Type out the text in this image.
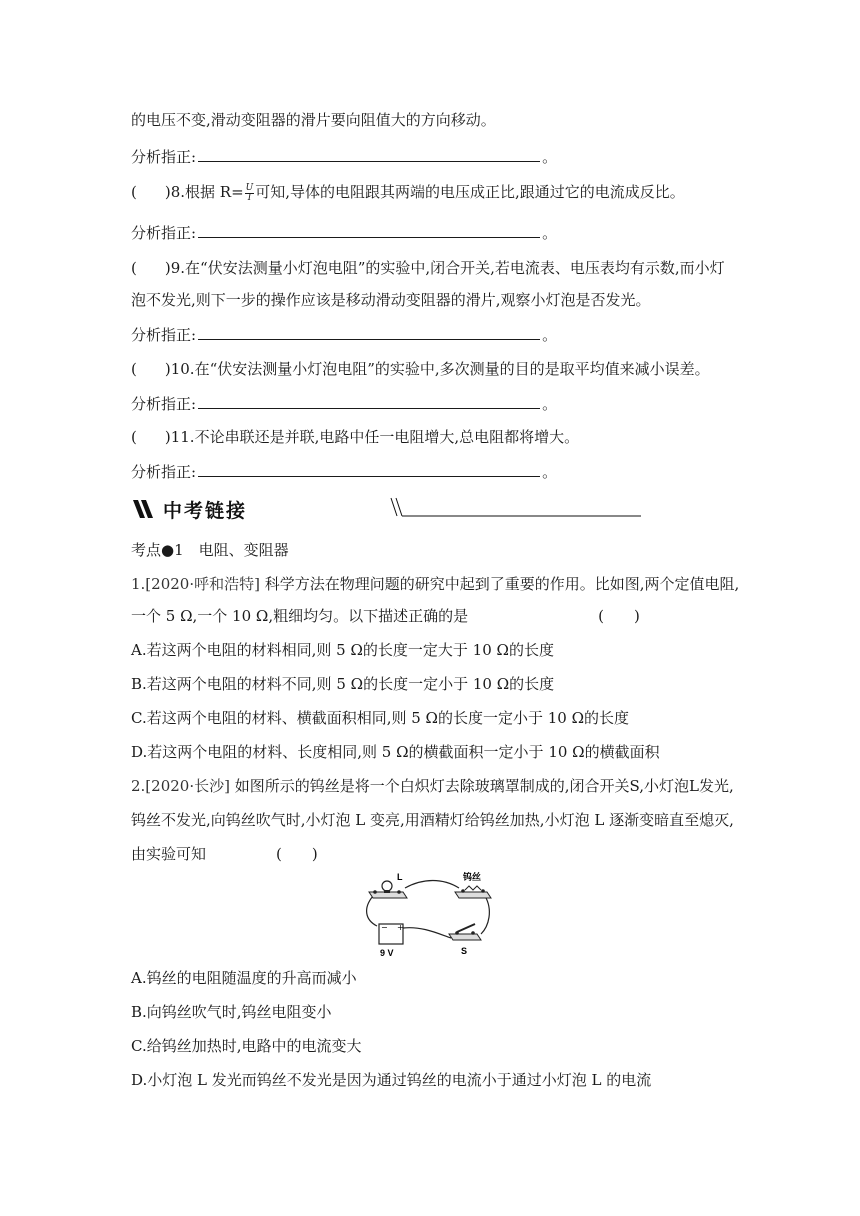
的电压不变,滑动变阻器的滑片要向阻值大的方向移动。
分析指正:	。
( )8.根据 $R= \frac{U}{I}$ 可知,导体的电阻跟其两端的电压成正比,跟通过它的电流成反比。
分析指正:	。
( )9.在“伏安法测量小灯泡电阻”的实验中,闭合开关,若电流表、电压表均有示数,而小灯
泡不发光,则下一步的操作应该是移动滑动变阻器的滑片,观察小灯泡是否发光。
分析指正:	。
( )10.在“伏安法测量小灯泡电阻”的实验中,多次测量的目的是取平均值来减小误差。
分析指正:	。
( )11.不论串联还是并联,电路中任一电阻增大,总电阻都将增大。
分析指正:	。
中考链接
考点●1　电阻、变阻器
1.[2020·呼和浩特] 科学方法在物理问题的研究中起到了重要的作用。比如图,两个定值电阻,
一个 5 Ω,一个 10 Ω,粗细均匀。以下描述正确的是	(　　)
A.若这两个电阻的材料相同,则 5 Ω的长度一定大于 10 Ω的长度
B.若这两个电阻的材料不同,则 5 Ω的长度一定小于 10 Ω的长度
C.若这两个电阻的材料、横截面积相同,则 5 Ω的长度一定小于 10 Ω的长度
D.若这两个电阻的材料、长度相同,则 5 Ω的横截面积一定小于 10 Ω的横截面积
2.[2020·长沙] 如图所示的钨丝是将一个白炽灯去除玻璃罩制成的,闭合开关S,小灯泡L发光,
钨丝不发光,向钨丝吹气时,小灯泡 L 变亮,用酒精灯给钨丝加热,小灯泡 L 逐渐变暗直至熄灭,
由实验可知	(　　)
L	钨丝
− +
9 V	S
A.钨丝的电阻随温度的升高而减小
B.向钨丝吹气时,钨丝电阻变小
C.给钨丝加热时,电路中的电流变大
D.小灯泡 L 发光而钨丝不发光是因为通过钨丝的电流小于通过小灯泡 L 的电流
